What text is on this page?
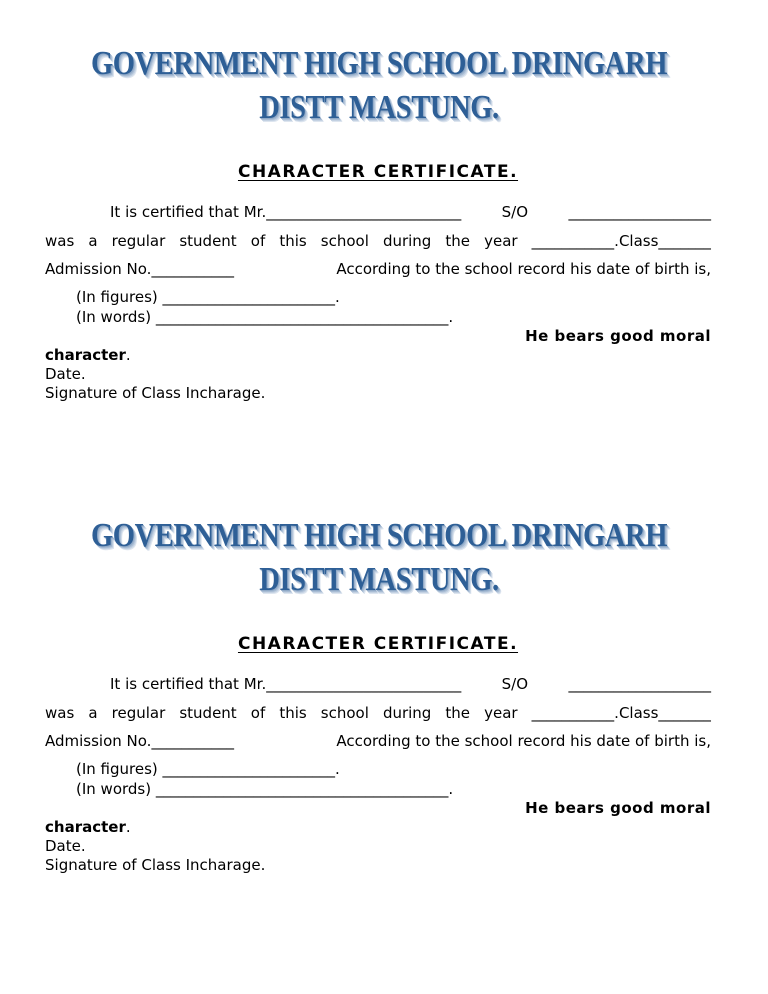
GOVERNMENT HIGH SCHOOL DRINGARH
DISTT MASTUNG.
CHARACTER CERTIFICATE.
It is certified that Mr.__________________________	S/O	___________________
was a regular student of this school during the year ___________.Class_______
Admission No.___________	According to the school record his date of birth is,
(In figures) _______________________.
(In words) _______________________________________.
He bears good moral
character.
Date.
Signature of Class Incharage.
GOVERNMENT HIGH SCHOOL DRINGARH
DISTT MASTUNG.
CHARACTER CERTIFICATE.
It is certified that Mr.__________________________	S/O	___________________
was a regular student of this school during the year ___________.Class_______
Admission No.___________	According to the school record his date of birth is,
(In figures) _______________________.
(In words) _______________________________________.
He bears good moral
character.
Date.
Signature of Class Incharage.
